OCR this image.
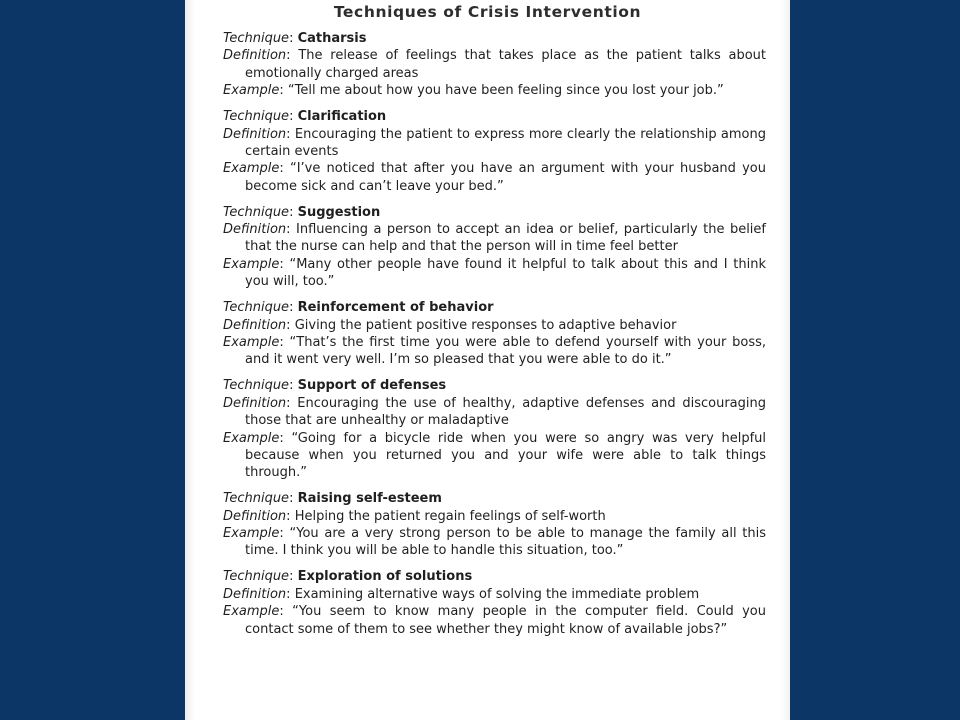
Techniques of Crisis Intervention
Technique: Catharsis
Definition: The release of feelings that takes place as the patient talks about emotionally charged areas
Example: “Tell me about how you have been feeling since you lost your job.”
Technique: Clarification
Definition: Encouraging the patient to express more clearly the relationship among certain events
Example: “I’ve noticed that after you have an argument with your husband you become sick and can’t leave your bed.”
Technique: Suggestion
Definition: Influencing a person to accept an idea or belief, particularly the belief that the nurse can help and that the person will in time feel better
Example: “Many other people have found it helpful to talk about this and I think you will, too.”
Technique: Reinforcement of behavior
Definition: Giving the patient positive responses to adaptive behavior
Example: “That’s the first time you were able to defend yourself with your boss, and it went very well. I’m so pleased that you were able to do it.”
Technique: Support of defenses
Definition: Encouraging the use of healthy, adaptive defenses and discouraging those that are unhealthy or maladaptive
Example: “Going for a bicycle ride when you were so angry was very helpful because when you returned you and your wife were able to talk things through.”
Technique: Raising self-esteem
Definition: Helping the patient regain feelings of self-worth
Example: “You are a very strong person to be able to manage the family all this time. I think you will be able to handle this situation, too.”
Technique: Exploration of solutions
Definition: Examining alternative ways of solving the immediate problem
Example: “You seem to know many people in the computer field. Could you contact some of them to see whether they might know of available jobs?”
